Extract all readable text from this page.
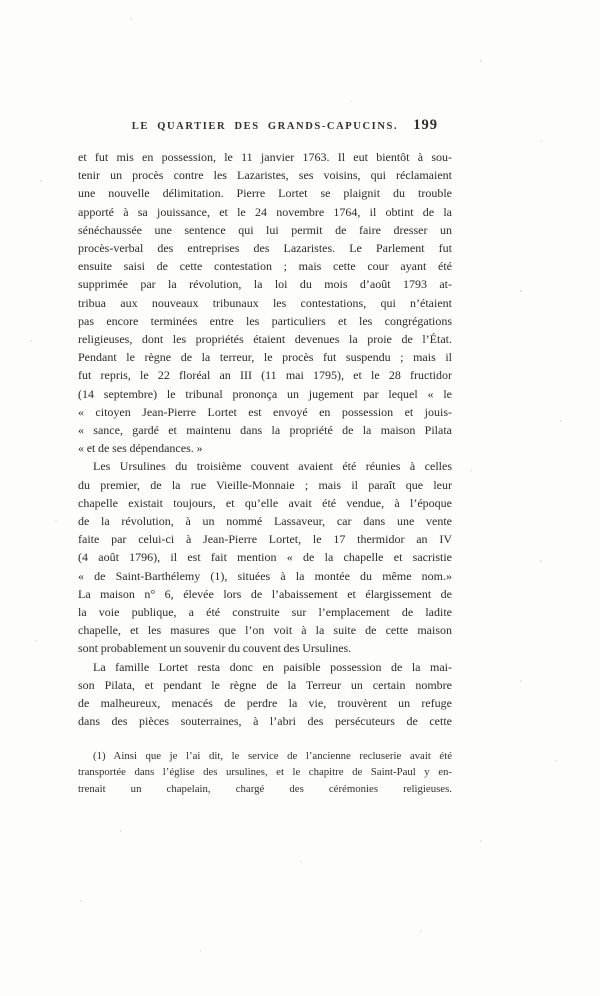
LE QUARTIER DES GRANDS-CAPUCINS.	199
et fut mis en possession, le 11 janvier 1763. Il eut bientôt à sou-
tenir un procès contre les Lazaristes, ses voisins, qui réclamaient
une nouvelle délimitation. Pierre Lortet se plaignit du trouble
apporté à sa jouissance, et le 24 novembre 1764, il obtint de la
sénéchaussée une sentence qui lui permit de faire dresser un
procès-verbal des entreprises des Lazaristes. Le Parlement fut
ensuite saisi de cette contestation ; mais cette cour ayant été
supprimée par la révolution, la loi du mois d’août 1793 at-
tribua aux nouveaux tribunaux les contestations, qui n’étaient
pas encore terminées entre les particuliers et les congrégations
religieuses, dont les propriétés étaient devenues la proie de l’État.
Pendant le règne de la terreur, le procès fut suspendu ; mais il
fut repris, le 22 floréal an III (11 mai 1795), et le 28 fructidor
(14 septembre) le tribunal prononça un jugement par lequel « le
« citoyen Jean-Pierre Lortet est envoyé en possession et jouis-
« sance, gardé et maintenu dans la propriété de la maison Pilata
« et de ses dépendances. »
Les Ursulines du troisième couvent avaient été réunies à celles
du premier, de la rue Vieille-Monnaie ; mais il paraît que leur
chapelle existait toujours, et qu’elle avait été vendue, à l’époque
de la révolution, à un nommé Lassaveur, car dans une vente
faite par celui-ci à Jean-Pierre Lortet, le 17 thermidor an IV
(4 août 1796), il est fait mention « de la chapelle et sacristie
« de Saint-Barthélemy (1), situées à la montée du même nom.»
La maison n° 6, élevée lors de l’abaissement et élargissement de
la voie publique, a été construite sur l’emplacement de ladite
chapelle, et les masures que l’on voit à la suite de cette maison
sont probablement un souvenir du couvent des Ursulines.
La famille Lortet resta donc en paisible possession de la mai-
son Pilata, et pendant le règne de la Terreur un certain nombre
de malheureux, menacés de perdre la vie, trouvèrent un refuge
dans des pièces souterraines, à l’abri des persécuteurs de cette
(1) Ainsi que je l’ai dit, le service de l’ancienne recluserie avait été
transportée dans l’église des ursulines, et le chapitre de Saint-Paul y en-
trenait un chapelain, chargé des cérémonies religieuses.
